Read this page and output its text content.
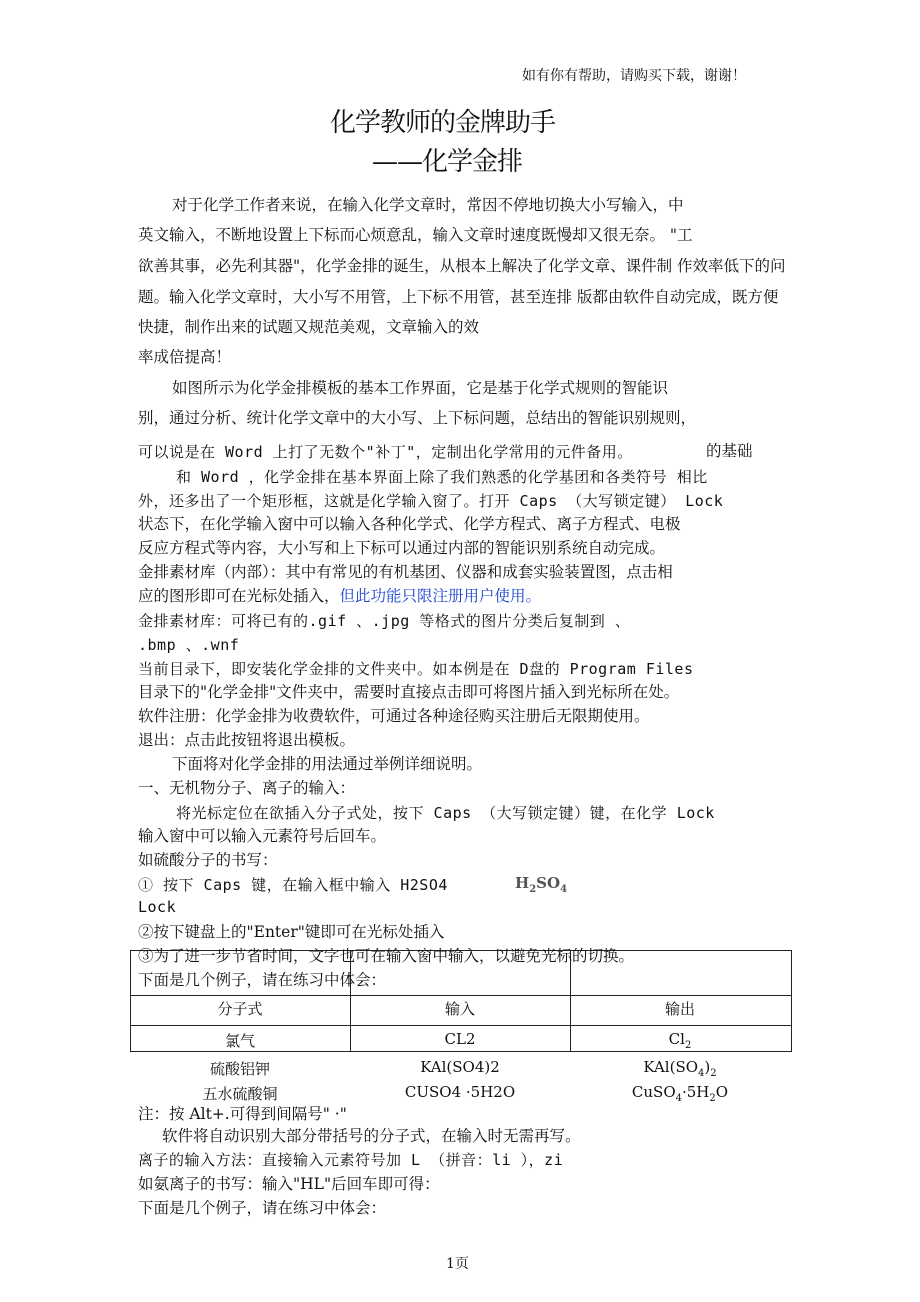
如有你有帮助，请购买下载，谢谢！
化学教师的金牌助手
——化学金排
对于化学工作者来说，在输入化学文章时，常因不停地切换大小写输入，中
英文输入，不断地设置上下标而心烦意乱，输入文章时速度既慢却又很无奈。 "工
欲善其事，必先利其器"，化学金排的诞生，从根本上解决了化学文章、课件制 作效率低下的问
题。输入化学文章时，大小写不用管，上下标不用管，甚至连排 版都由软件自动完成，既方便
快捷，制作出来的试题又规范美观，文章输入的效
率成倍提高！
如图所示为化学金排模板的基本工作界面，它是基于化学式规则的智能识
别，通过分析、统计化学文章中的大小写、上下标问题，总结出的智能识别规则，
可以说是在 Word 上打了无数个"补丁"，定制出化学常用的元件备用。	的基础
和 Word ，化学金排在基本界面上除了我们熟悉的化学基团和各类符号 相比
外，还多出了一个矩形框，这就是化学输入窗了。打开 Caps （大写锁定键） Lock
状态下，在化学输入窗中可以输入各种化学式、化学方程式、离子方程式、电极
反应方程式等内容，大小写和上下标可以通过内部的智能识别系统自动完成。
金排素材库（内部）：其中有常见的有机基团、仪器和成套实验装置图，点击相
应的图形即可在光标处插入，但此功能只限注册用户使用。
金排素材库：可将已有的.gif 、.jpg 等格式的图片分类后复制到 、
.bmp 、.wnf
当前目录下，即安装化学金排的文件夹中。如本例是在 D盘的 Program Files
目录下的"化学金排"文件夹中，需要时直接点击即可将图片插入到光标所在处。
软件注册：化学金排为收费软件，可通过各种途径购买注册后无限期使用。
退出：点击此按钮将退出模板。
下面将对化学金排的用法通过举例详细说明。
一、无机物分子、离子的输入：
将光标定位在欲插入分子式处，按下 Caps （大写锁定键）键，在化学 Lock
输入窗中可以输入元素符号后回车。
如硫酸分子的书写：
① 按下 Caps 键，在输入框中输入 H2SO4	$H_2SO_4$
Lock
②按下键盘上的"Enter"键即可在光标处插入
③为了进一步节省时间，文字也可在输入窗中输入，以避免光标的切换。
下面是几个例子，请在练习中体会：
分子式	输入	输出
氯气	CL2	$Cl_2$
硫酸铝钾	KAl(SO4)2	$KAl(SO_4)_2$
五水硫酸铜	CUSO4 ·5H2O	$CuSO_4\cdot 5H_2O$
注：按 Alt+.可得到间隔号" ·"
软件将自动识别大部分带括号的分子式，在输入时无需再写。
离子的输入方法：直接输入元素符号加 L （拼音：li ），zi
如氨离子的书写：输入"HL"后回车即可得：
下面是几个例子，请在练习中体会：
1页
